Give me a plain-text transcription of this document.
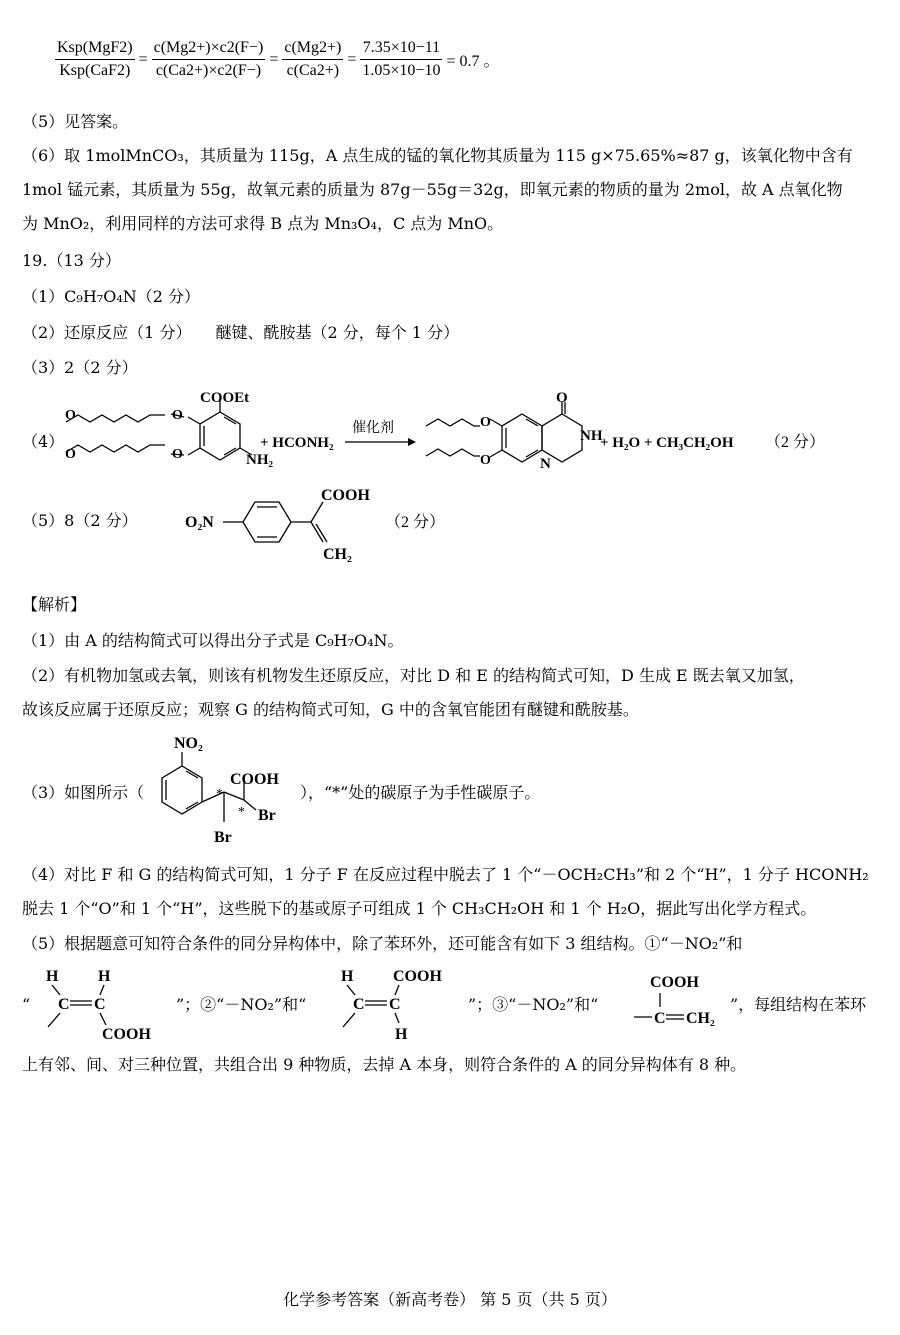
$\frac{\text{Ksp(MgF2)}}{\text{Ksp(CaF2)}} = \frac{c(Mg2+)\times c2(F-)}{c(Ca2+)\times c2(F-)} = \frac{c(Mg2+)}{c(Ca2+)} = \frac{7.35\times 10-11}{1.05\times 10-10} = 0.7$ 。
（5）见答案。
（6）取 1molMnCO₃，其质量为 115g，A 点生成的锰的氧化物其质量为 115 g×75.65%≈87 g，该氧化物中含有
1mol 锰元素，其质量为 55g，故氧元素的质量为 87g－55g＝32g，即氧元素的物质的量为 2mol，故 A 点氧化物
为 MnO₂，利用同样的方法可求得 B 点为 Mn₃O₄，C 点为 MnO。
19.（13 分）
（1）C₉H₇O₄N（2 分）
（2）还原反应（1 分）　　醚键、酰胺基（2 分，每个 1 分）
（3）2（2 分）
（4）
O
O
O
O
COOEt
NH₂
+ HCONH₂
催化剂
O
NH
N
O
O
+ H₂O + CH₃CH₂OH （2 分）
（5）8（2 分）	O₂N
COOH
CH₂
（2 分）
【解析】
（1）由 A 的结构简式可以得出分子式是 C₉H₇O₄N。
（2）有机物加氢或去氧，则该有机物发生还原反应，对比 D 和 E 的结构简式可知，D 生成 E 既去氧又加氢，
故该反应属于还原反应；观察 G 的结构简式可知，G 中的含氧官能团有醚键和酰胺基。
（3）如图所示（
NO₂
COOH
*
* Br
Br
），“*”处的碳原子为手性碳原子。
（4）对比 F 和 G 的结构简式可知，1 分子 F 在反应过程中脱去了 1 个“－OCH₂CH₃”和 2 个“H”，1 分子 HCONH₂
脱去 1 个“O”和 1 个“H”，这些脱下的基或原子可组成 1 个 CH₃CH₂OH 和 1 个 H₂O，据此写出化学方程式。
（5）根据题意可知符合条件的同分异构体中，除了苯环外，还可能含有如下 3 组结构。①“－NO₂”和
“
H H
C C
COOH
”；②“－NO₂”和“
H COOH
C C
H
”；③“－NO₂”和“
COOH
C CH₂
”，每组结构在苯环
上有邻、间、对三种位置，共组合出 9 种物质，去掉 A 本身，则符合条件的 A 的同分异构体有 8 种。
化学参考答案（新高考卷） 第 5 页（共 5 页）
